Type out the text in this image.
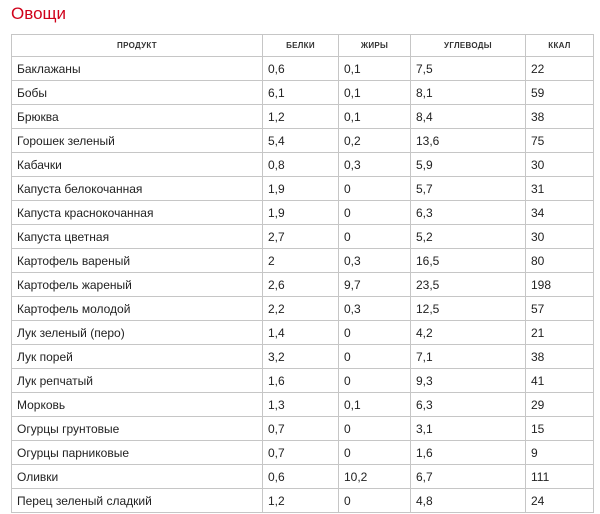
Овощи
ПРОДУКТ	БЕЛКИ	ЖИРЫ	УГЛЕВОДЫ	ККАЛ
Баклажаны	0,6	0,1	7,5	22
Бобы	6,1	0,1	8,1	59
Брюква	1,2	0,1	8,4	38
Горошек зеленый	5,4	0,2	13,6	75
Кабачки	0,8	0,3	5,9	30
Капуста белокочанная	1,9	0	5,7	31
Капуста краснокочанная	1,9	0	6,3	34
Капуста цветная	2,7	0	5,2	30
Картофель вареный	2	0,3	16,5	80
Картофель жареный	2,6	9,7	23,5	198
Картофель молодой	2,2	0,3	12,5	57
Лук зеленый (перо)	1,4	0	4,2	21
Лук порей	3,2	0	7,1	38
Лук репчатый	1,6	0	9,3	41
Морковь	1,3	0,1	6,3	29
Огурцы грунтовые	0,7	0	3,1	15
Огурцы парниковые	0,7	0	1,6	9
Оливки	0,6	10,2	6,7	111
Перец зеленый сладкий	1,2	0	4,8	24
